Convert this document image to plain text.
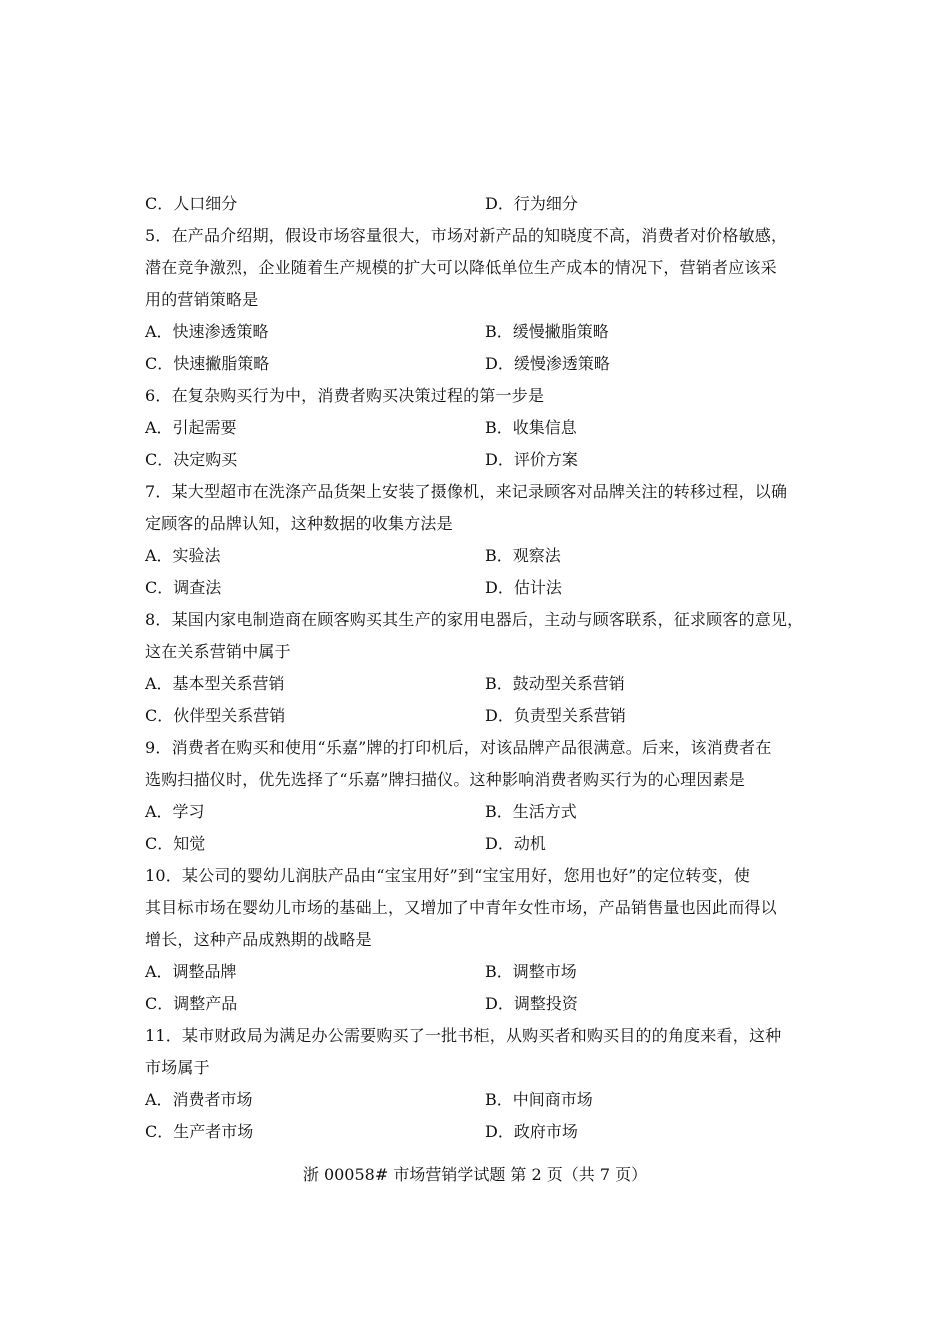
C．人口细分	D．行为细分
5．在产品介绍期，假设市场容量很大，市场对新产品的知晓度不高，消费者对价格敏感，
潜在竞争激烈，企业随着生产规模的扩大可以降低单位生产成本的情况下，营销者应该采
用的营销策略是
A．快速渗透策略	B．缓慢撇脂策略
C．快速撇脂策略	D．缓慢渗透策略
6．在复杂购买行为中，消费者购买决策过程的第一步是
A．引起需要	B．收集信息
C．决定购买	D．评价方案
7．某大型超市在洗涤产品货架上安装了摄像机，来记录顾客对品牌关注的转移过程，以确
定顾客的品牌认知，这种数据的收集方法是
A．实验法	B．观察法
C．调查法	D．估计法
8．某国内家电制造商在顾客购买其生产的家用电器后，主动与顾客联系，征求顾客的意见，
这在关系营销中属于
A．基本型关系营销	B．鼓动型关系营销
C．伙伴型关系营销	D．负责型关系营销
9．消费者在购买和使用“乐嘉”牌的打印机后，对该品牌产品很满意。后来，该消费者在
选购扫描仪时，优先选择了“乐嘉”牌扫描仪。这种影响消费者购买行为的心理因素是
A．学习	B．生活方式
C．知觉	D．动机
10．某公司的婴幼儿润肤产品由“宝宝用好”到“宝宝用好，您用也好”的定位转变，使
其目标市场在婴幼儿市场的基础上，又增加了中青年女性市场，产品销售量也因此而得以
增长，这种产品成熟期的战略是
A．调整品牌	B．调整市场
C．调整产品	D．调整投资
11．某市财政局为满足办公需要购买了一批书柜，从购买者和购买目的的角度来看，这种
市场属于
A．消费者市场	B．中间商市场
C．生产者市场	D．政府市场
浙 00058# 市场营销学试题 第 2 页（共 7 页）
